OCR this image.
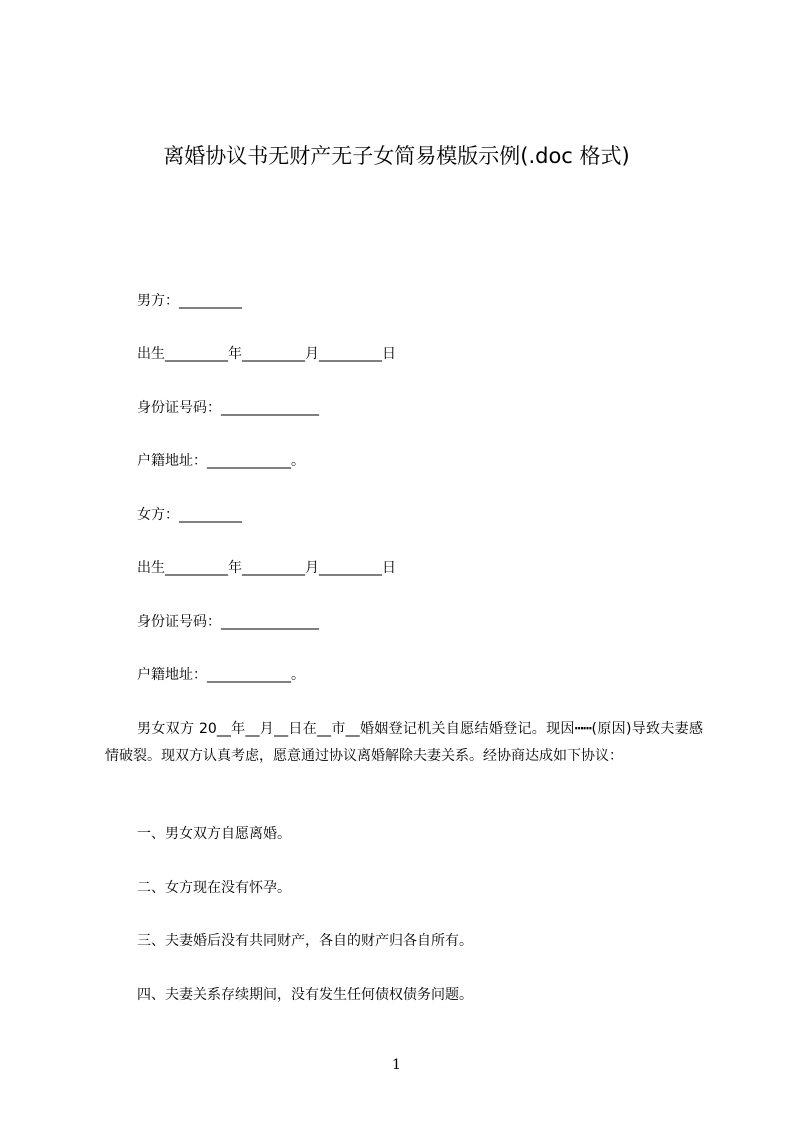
离婚协议书无财产无子女简易模版示例(.doc 格式)
男方：_________
出生_________年_________月_________日
身份证号码：______________
户籍地址：____________。
女方：_________
出生_________年_________月_________日
身份证号码：______________
户籍地址：____________。
男女双方 20__年__月__日在__市__婚姻登记机关自愿结婚登记。现因┅┅(原因)导致夫妻感情破裂。现双方认真考虑，愿意通过协议离婚解除夫妻关系。经协商达成如下协议：
一、男女双方自愿离婚。
二、女方现在没有怀孕。
三、夫妻婚后没有共同财产，各自的财产归各自所有。
四、夫妻关系存续期间，没有发生任何债权债务问题。
1
